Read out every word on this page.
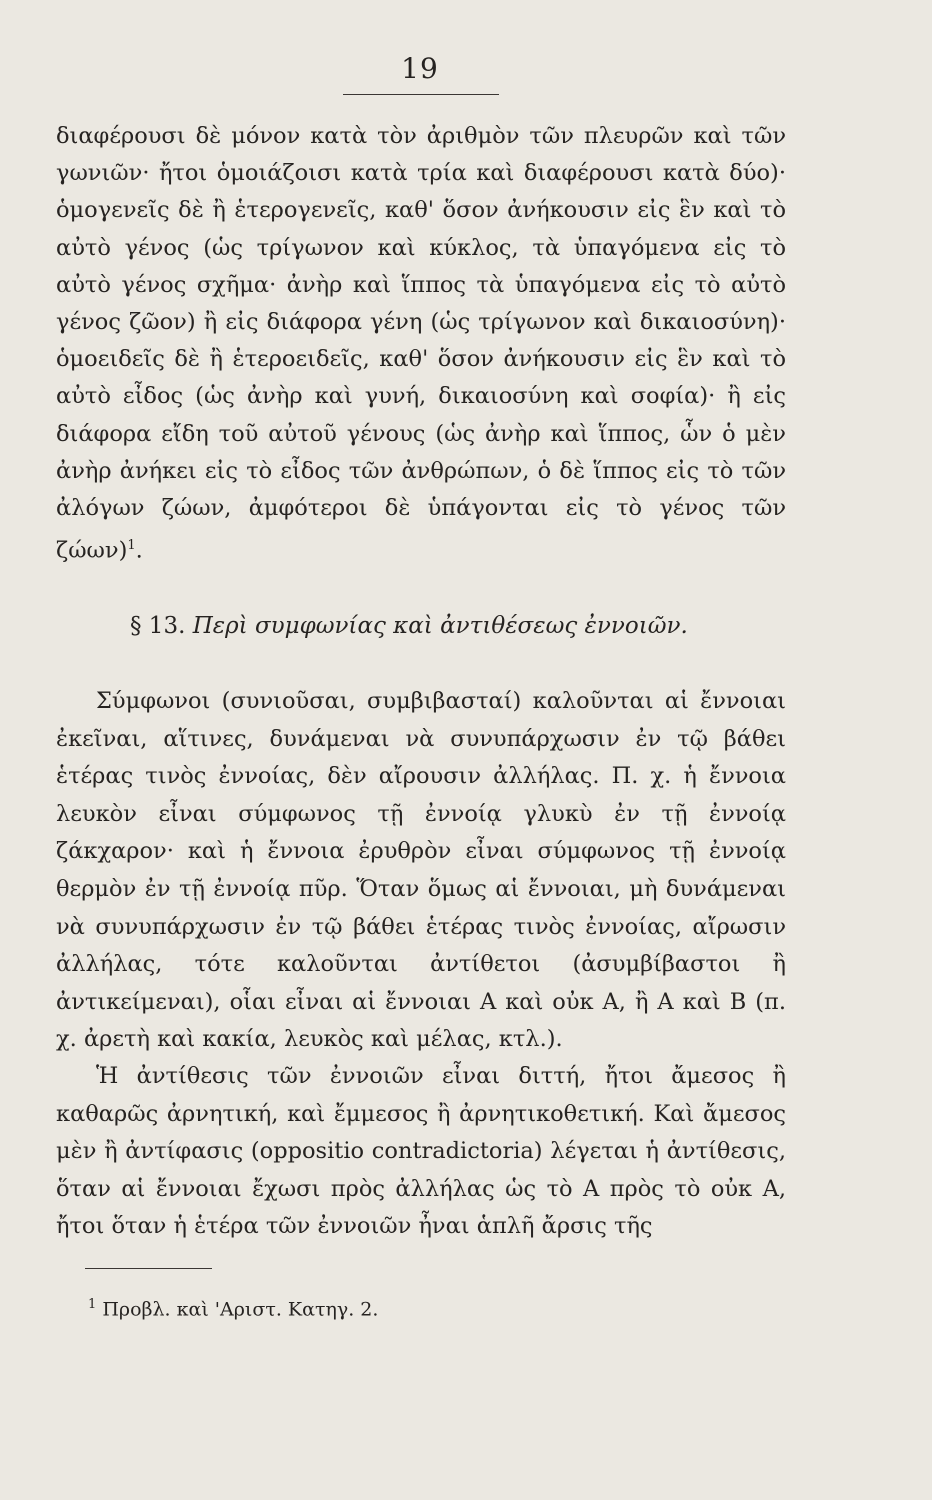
19

διαφέρουσι δὲ μόνον κατὰ τὸν ἀριθμὸν τῶν πλευρῶν καὶ τῶν γωνιῶν· ἤτοι ὁμοιάζοισι κατὰ τρία καὶ διαφέρουσι κατὰ δύο)· ὁμογενεῖς δὲ ἢ ἑτερογενεῖς, καθ' ὅσον ἀνήκουσιν εἰς ἓν καὶ τὸ αὐτὸ γένος (ὡς τρίγωνον καὶ κύκλος, τὰ ὑπαγόμενα εἰς τὸ αὐτὸ γένος σχῆμα· ἀνὴρ καὶ ἵππος τὰ ὑπαγόμενα εἰς τὸ αὐτὸ γένος ζῶον) ἢ εἰς διάφορα γένη (ὡς τρίγωνον καὶ δικαιοσύνη)· ὁμοειδεῖς δὲ ἢ ἑτεροειδεῖς, καθ' ὅσον ἀνήκουσιν εἰς ἓν καὶ τὸ αὐτὸ εἶδος (ὡς ἀνὴρ καὶ γυνή, δικαιοσύνη καὶ σοφία)· ἢ εἰς διάφορα εἴδη τοῦ αὐτοῦ γένους (ὡς ἀνὴρ καὶ ἵππος, ὧν ὁ μὲν ἀνὴρ ἀνήκει εἰς τὸ εἶδος τῶν ἀνθρώπων, ὁ δὲ ἵππος εἰς τὸ τῶν ἀλόγων ζώων, ἀμφότεροι δὲ ὑπάγονται εἰς τὸ γένος τῶν ζώων)$^1$.

§ 13. Περὶ συμφωνίας καὶ ἀντιθέσεως ἐννοιῶν.

Σύμφωνοι (συνιοῦσαι, συμβιβασταί) καλοῦνται αἱ ἔννοιαι ἐκεῖναι, αἵτινες, δυνάμεναι νὰ συνυπάρχωσιν ἐν τῷ βάθει ἑτέρας τινὸς ἐννοίας, δὲν αἴρουσιν ἀλλήλας. Π. χ. ἡ ἔννοια λευκὸν εἶναι σύμφωνος τῇ ἐννοίᾳ γλυκὺ ἐν τῇ ἐννοίᾳ ζάκχαρον· καὶ ἡ ἔννοια ἐρυθρὸν εἶναι σύμφωνος τῇ ἐννοίᾳ θερμὸν ἐν τῇ ἐννοίᾳ πῦρ. Ὅταν ὅμως αἱ ἔννοιαι, μὴ δυνάμεναι νὰ συνυπάρχωσιν ἐν τῷ βάθει ἑτέρας τινὸς ἐννοίας, αἴρωσιν ἀλλήλας, τότε καλοῦνται ἀντίθετοι (ἀσυμβίβαστοι ἢ ἀντικείμεναι), οἷαι εἶναι αἱ ἔννοιαι Α καὶ οὐκ Α, ἢ Α καὶ Β (π. χ. ἀρετὴ καὶ κακία, λευκὸς καὶ μέλας, κτλ.).

Ἡ ἀντίθεσις τῶν ἐννοιῶν εἶναι διττή, ἤτοι ἄμεσος ἢ καθαρῶς ἀρνητική, καὶ ἔμμεσος ἢ ἀρνητικοθετική. Καὶ ἄμεσος μὲν ἢ ἀντίφασις (oppositio contradictoria) λέγεται ἡ ἀντίθεσις, ὅταν αἱ ἔννοιαι ἔχωσι πρὸς ἀλλήλας ὡς τὸ Α πρὸς τὸ οὐκ Α, ἤτοι ὅταν ἡ ἑτέρα τῶν ἐννοιῶν ἦναι ἁπλῆ ἄρσις τῆς

$^1$ Προβλ. καὶ 'Αριστ. Κατηγ. 2.
